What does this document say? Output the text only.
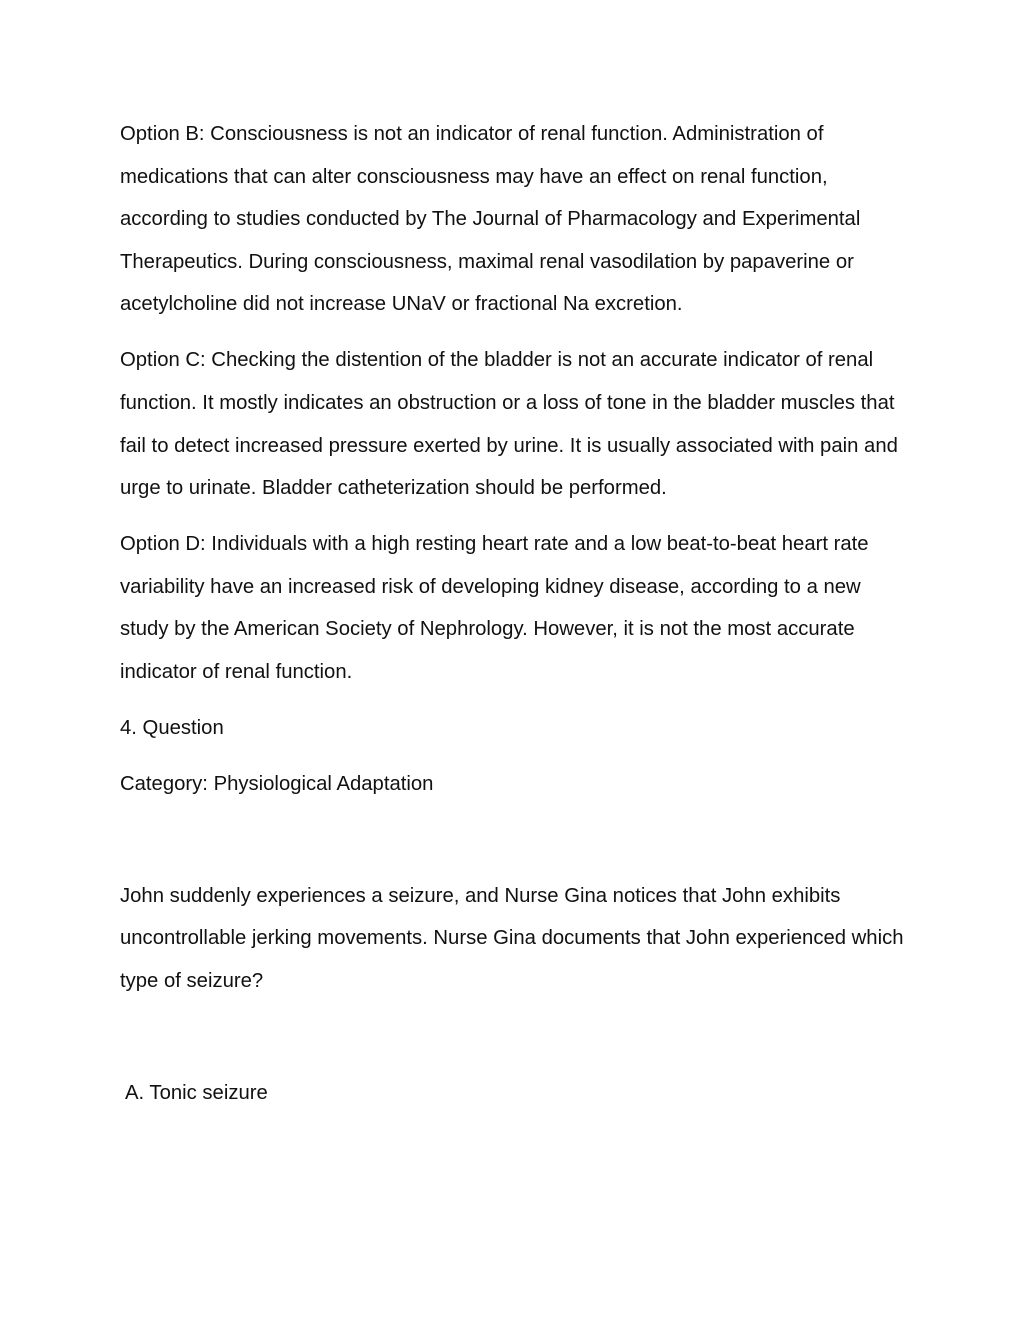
Option B: Consciousness is not an indicator of renal function. Administration of medications that can alter consciousness may have an effect on renal function, according to studies conducted by The Journal of Pharmacology and Experimental Therapeutics. During consciousness, maximal renal vasodilation by papaverine or acetylcholine did not increase UNaV or fractional Na excretion.

Option C: Checking the distention of the bladder is not an accurate indicator of renal function. It mostly indicates an obstruction or a loss of tone in the bladder muscles that fail to detect increased pressure exerted by urine. It is usually associated with pain and urge to urinate. Bladder catheterization should be performed.

Option D: Individuals with a high resting heart rate and a low beat-to-beat heart rate variability have an increased risk of developing kidney disease, according to a new study by the American Society of Nephrology. However, it is not the most accurate indicator of renal function.

4. Question

Category: Physiological Adaptation

John suddenly experiences a seizure, and Nurse Gina notices that John exhibits uncontrollable jerking movements. Nurse Gina documents that John experienced which type of seizure?

A. Tonic seizure
